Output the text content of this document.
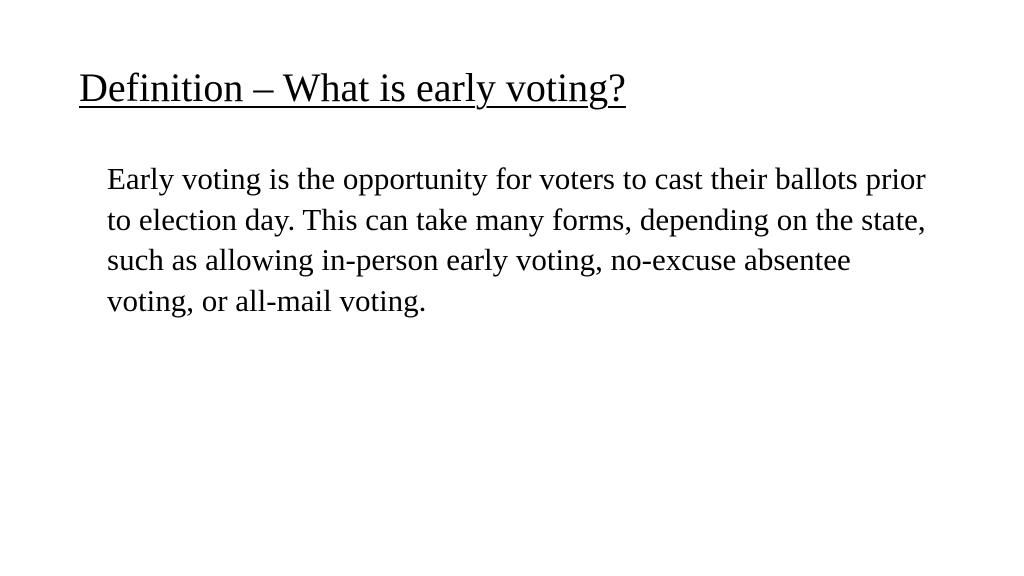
Definition – What is early voting?

Early voting is the opportunity for voters to cast their ballots prior to election day. This can take many forms, depending on the state, such as allowing in-person early voting, no-excuse absentee voting, or all-mail voting.
